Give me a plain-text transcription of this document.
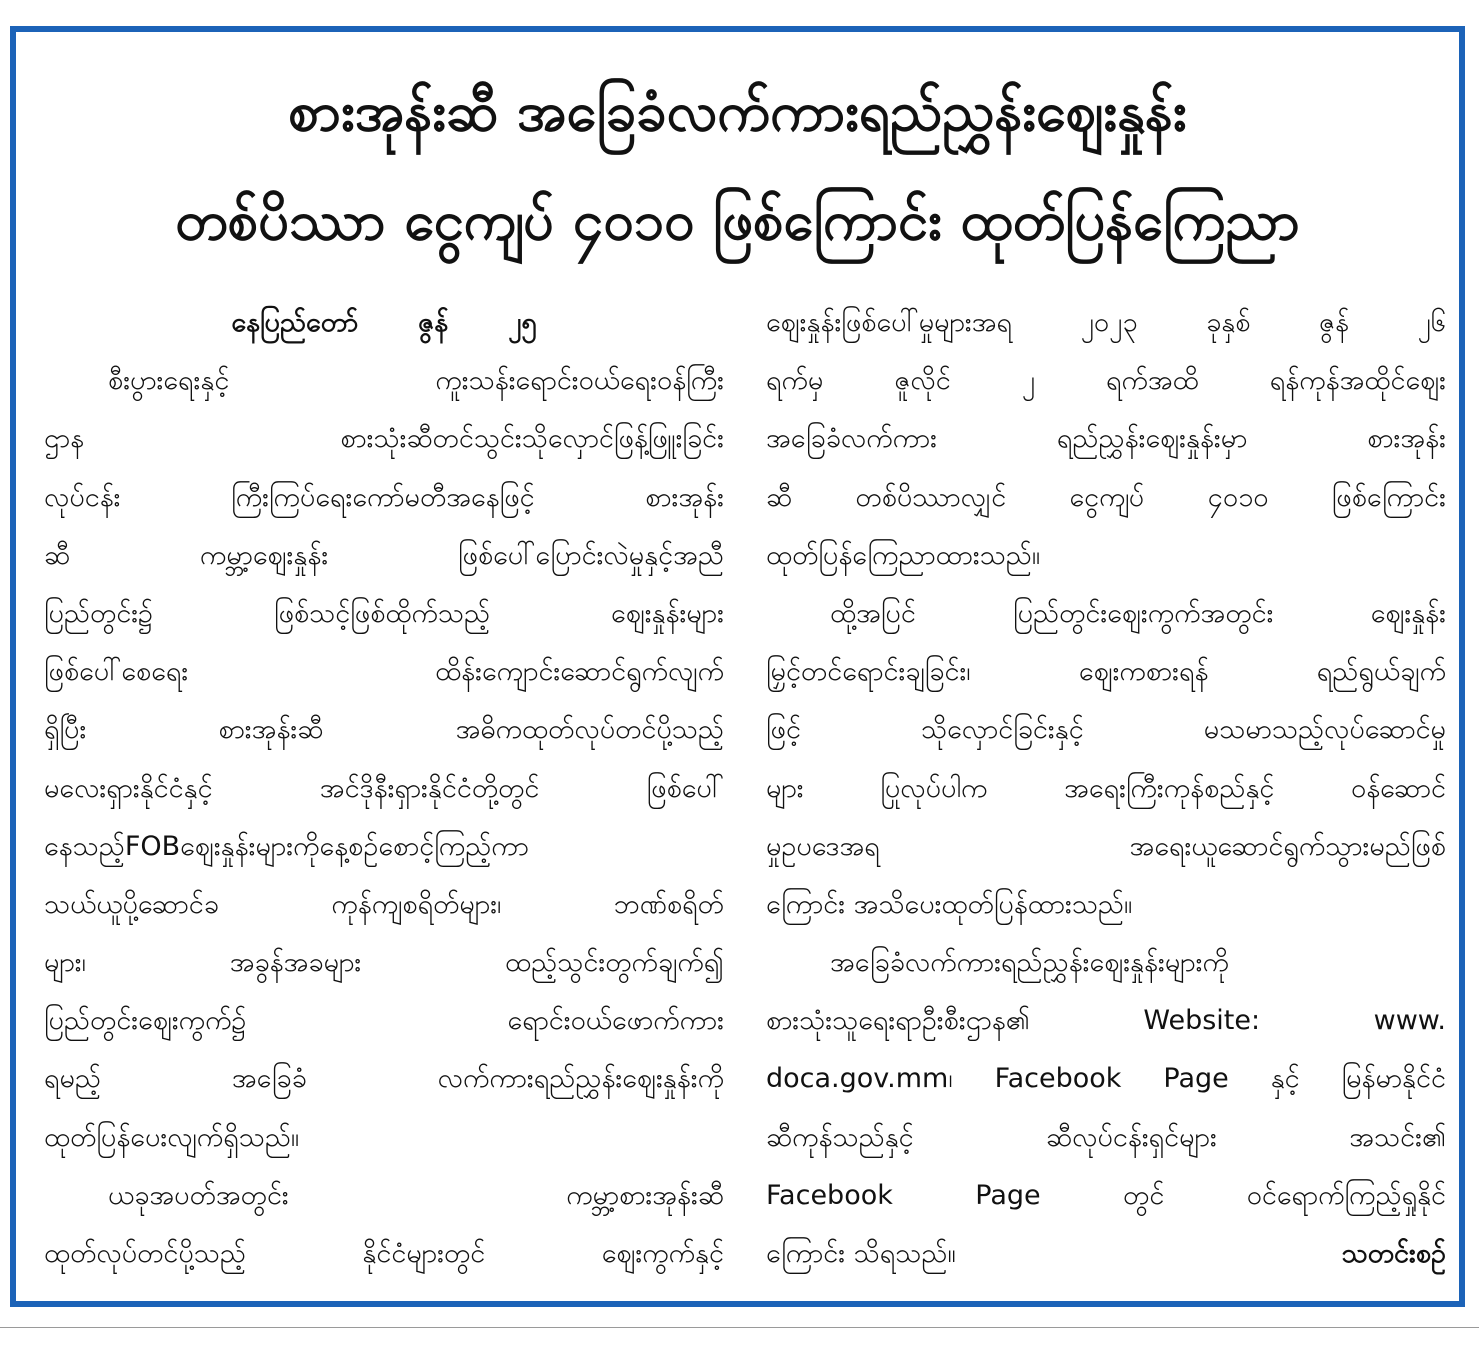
စားအုန်းဆီ အခြေခံလက်ကားရည်ညွှန်းဈေးနှုန်း
တစ်ပိဿာ ငွေကျပ် ၄၀၁၀ ဖြစ်ကြောင်း ထုတ်ပြန်ကြေညာ
နေပြည်တော် ဇွန် ၂၅
စီးပွားရေးနှင့်	ကူးသန်းရောင်းဝယ်ရေးဝန်ကြီး
ဌာန	စားသုံးဆီတင်သွင်းသိုလှောင်ဖြန့်ဖြူးခြင်း
လုပ်ငန်း	ကြီးကြပ်ရေးကော်မတီအနေဖြင့်	စားအုန်း
ဆီ	ကမ္ဘာ့ဈေးနှုန်း	ဖြစ်ပေါ်ပြောင်းလဲမှုနှင့်အညီ
ပြည်တွင်း၌	ဖြစ်သင့်ဖြစ်ထိုက်သည့်	ဈေးနှုန်းများ
ဖြစ်ပေါ်စေရေး	ထိန်းကျောင်းဆောင်ရွက်လျက်
ရှိပြီး	စားအုန်းဆီ	အဓိကထုတ်လုပ်တင်ပို့သည့်
မလေးရှားနိုင်ငံနှင့်	အင်ဒိုနီးရှားနိုင်ငံတို့တွင်	ဖြစ်ပေါ်
နေသည့်FOBဈေးနှုန်းများကိုနေ့စဉ်စောင့်ကြည့်ကာ
သယ်ယူပို့ဆောင်ခ	ကုန်ကျစရိတ်များ၊	ဘဏ်စရိတ်
များ၊	အခွန်အခများ	ထည့်သွင်းတွက်ချက်၍
ပြည်တွင်းဈေးကွက်၌	ရောင်းဝယ်ဖောက်ကား
ရမည့်	အခြေခံ	လက်ကားရည်ညွှန်းဈေးနှုန်းကို
ထုတ်ပြန်ပေးလျက်ရှိသည်။
ယခုအပတ်အတွင်း	ကမ္ဘာ့စားအုန်းဆီ
ထုတ်လုပ်တင်ပို့သည့်	နိုင်ငံများတွင်	ဈေးကွက်နှင့်
ဈေးနှုန်းဖြစ်ပေါ်မှုများအရ	၂၀၂၃	ခုနှစ်	ဇွန်	၂၆
ရက်မှ	ဇူလိုင်	၂	ရက်အထိ	ရန်ကုန်အထိုင်ဈေး
အခြေခံလက်ကား	ရည်ညွှန်းဈေးနှုန်းမှာ	စားအုန်း
ဆီ တစ်ပိဿာလျှင် ငွေကျပ် ၄၀၁၀ ဖြစ်ကြောင်း
ထုတ်ပြန်ကြေညာထားသည်။
ထို့အပြင်	ပြည်တွင်းဈေးကွက်အတွင်း	ဈေးနှုန်း
မြှင့်တင်ရောင်းချခြင်း၊	ဈေးကစားရန်	ရည်ရွယ်ချက်
ဖြင့်	သိုလှောင်ခြင်းနှင့်	မသမာသည့်လုပ်ဆောင်မှု
များ	ပြုလုပ်ပါက	အရေးကြီးကုန်စည်နှင့်	ဝန်ဆောင်
မှုဥပဒေအရ	အရေးယူဆောင်ရွက်သွားမည်ဖြစ်
ကြောင်း အသိပေးထုတ်ပြန်ထားသည်။
အခြေခံလက်ကားရည်ညွှန်းဈေးနှုန်းများကို
စားသုံးသူရေးရာဦးစီးဌာန၏	Website:	www.
doca.gov.mm၊ Facebook Page နှင့် မြန်မာနိုင်ငံ
ဆီကုန်သည်နှင့်	ဆီလုပ်ငန်းရှင်များ	အသင်း၏
Facebook	Page	တွင်	ဝင်ရောက်ကြည့်ရှုနိုင်
ကြောင်း သိရသည်။	သတင်းစဉ်
